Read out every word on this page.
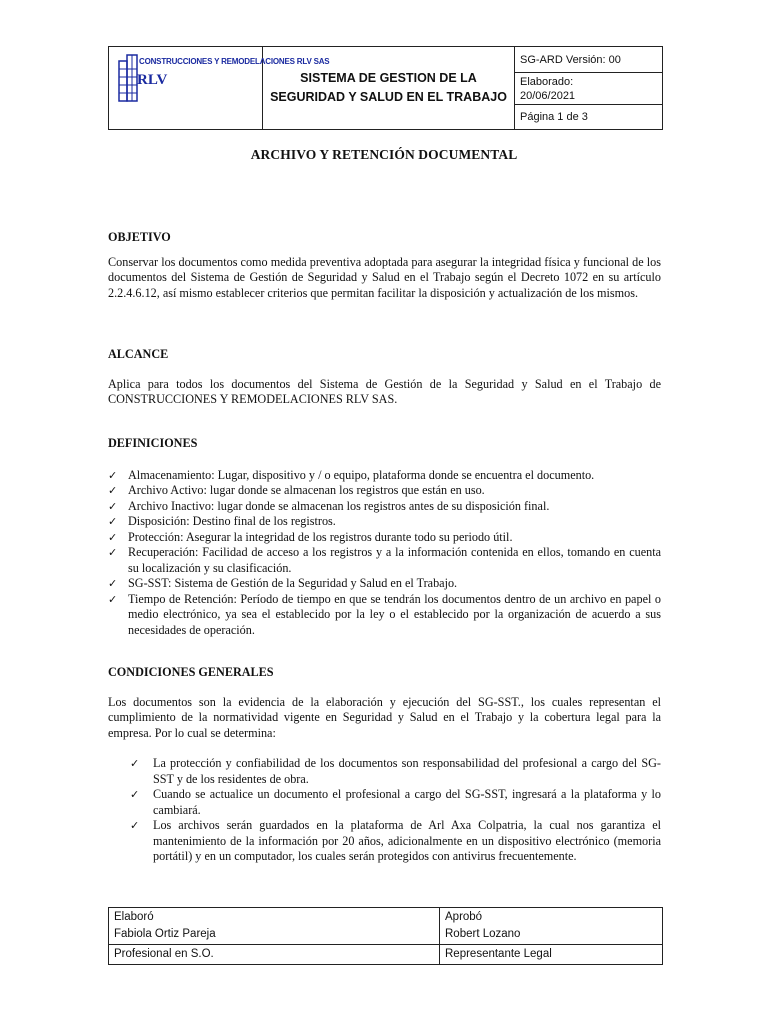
CONSTRUCCIONES Y REMODELACIONES RLV SAS
RLV	SISTEMA DE GESTION DE LA SEGURIDAD Y SALUD EN EL TRABAJO
SG-ARD Versión: 00
Elaborado:
20/06/2021
Página 1 de 3
ARCHIVO Y RETENCIÓN DOCUMENTAL
OBJETIVO
Conservar los documentos como medida preventiva adoptada para asegurar la integridad física y funcional de los documentos del Sistema de Gestión de Seguridad y Salud en el Trabajo según el Decreto 1072 en su artículo 2.2.4.6.12, así mismo establecer criterios que permitan facilitar la disposición y actualización de los mismos.
ALCANCE
Aplica para todos los documentos del Sistema de Gestión de la Seguridad y Salud en el Trabajo de CONSTRUCCIONES Y REMODELACIONES RLV SAS.
DEFINICIONES
✓ Almacenamiento: Lugar, dispositivo y / o equipo, plataforma donde se encuentra el documento.
✓ Archivo Activo: lugar donde se almacenan los registros que están en uso.
✓ Archivo Inactivo: lugar donde se almacenan los registros antes de su disposición final.
✓ Disposición: Destino final de los registros.
✓ Protección: Asegurar la integridad de los registros durante todo su periodo útil.
✓ Recuperación: Facilidad de acceso a los registros y a la información contenida en ellos, tomando en cuenta su localización y su clasificación.
✓ SG-SST: Sistema de Gestión de la Seguridad y Salud en el Trabajo.
✓ Tiempo de Retención: Período de tiempo en que se tendrán los documentos dentro de un archivo en papel o medio electrónico, ya sea el establecido por la ley o el establecido por la organización de acuerdo a sus necesidades de operación.
CONDICIONES GENERALES
Los documentos son la evidencia de la elaboración y ejecución del SG-SST., los cuales representan el cumplimiento de la normatividad vigente en Seguridad y Salud en el Trabajo y la cobertura legal para la empresa. Por lo cual se determina:
✓ La protección y confiabilidad de los documentos son responsabilidad del profesional a cargo del SG-SST y de los residentes de obra.
✓ Cuando se actualice un documento el profesional a cargo del SG-SST, ingresará a la plataforma y lo cambiará.
✓ Los archivos serán guardados en la plataforma de Arl Axa Colpatria, la cual nos garantiza el mantenimiento de la información por 20 años, adicionalmente en un dispositivo electrónico (memoria portátil) y en un computador, los cuales serán protegidos con antivirus frecuentemente.
Elaboró
Fabiola Ortiz Pareja
Aprobó
Robert Lozano
Profesional en S.O.	Representante Legal
